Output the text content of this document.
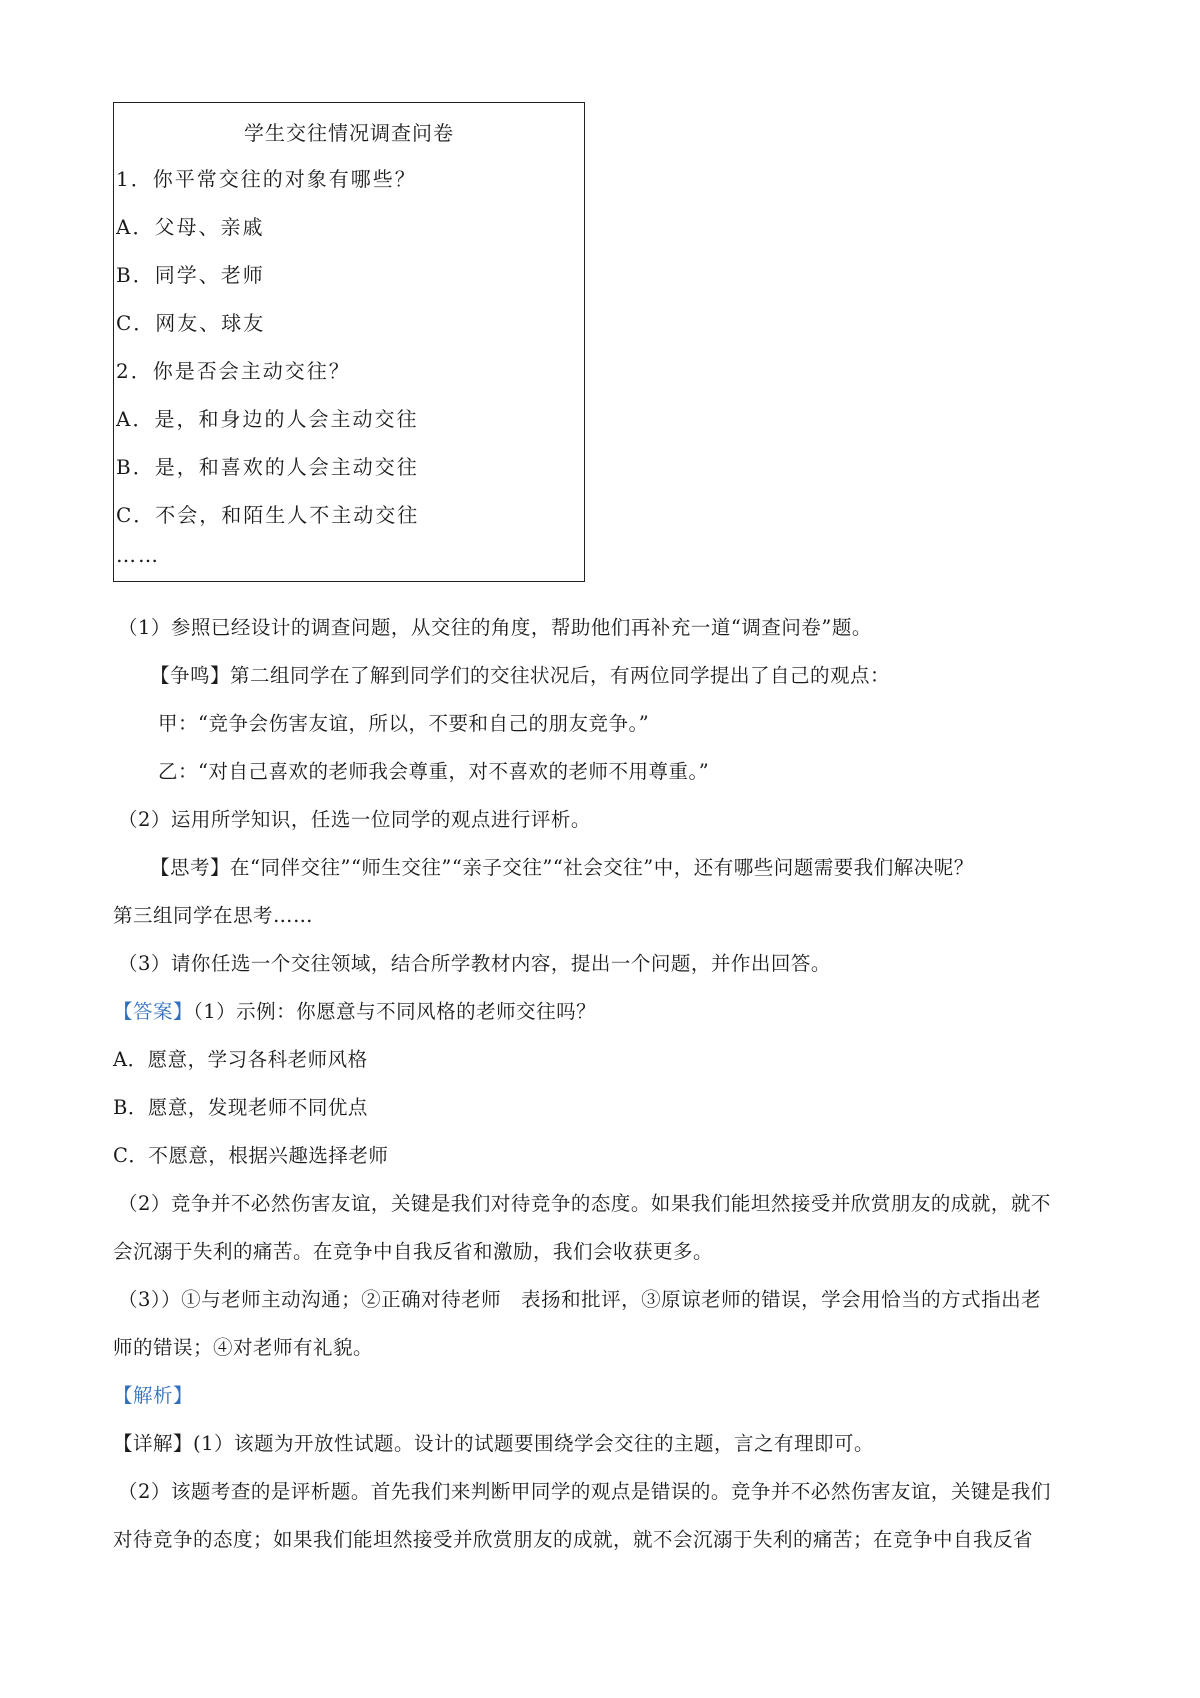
学生交往情况调查问卷
1．你平常交往的对象有哪些？
A．父母、亲戚
B．同学、老师
C．网友、球友
2．你是否会主动交往？
A．是，和身边的人会主动交往
B．是，和喜欢的人会主动交往
C．不会，和陌生人不主动交往
……
（1）参照已经设计的调查问题，从交往的角度，帮助他们再补充一道“调查问卷”题。
【争鸣】第二组同学在了解到同学们的交往状况后，有两位同学提出了自己的观点：
甲：“竞争会伤害友谊，所以，不要和自己的朋友竞争。”
乙：“对自己喜欢的老师我会尊重，对不喜欢的老师不用尊重。”
（2）运用所学知识，任选一位同学的观点进行评析。
【思考】在“同伴交往”“师生交往”“亲子交往”“社会交往”中，还有哪些问题需要我们解决呢？
第三组同学在思考……
（3）请你任选一个交往领域，结合所学教材内容，提出一个问题，并作出回答。
【答案】（1）示例：你愿意与不同风格的老师交往吗？
A．愿意，学习各科老师风格
B．愿意，发现老师不同优点
C．不愿意，根据兴趣选择老师
（2）竞争并不必然伤害友谊，关键是我们对待竞争的态度。如果我们能坦然接受并欣赏朋友的成就，就不
会沉溺于失利的痛苦。在竞争中自我反省和激励，我们会收获更多。
（3））①与老师主动沟通；②正确对待老师　表扬和批评，③原谅老师的错误，学会用恰当的方式指出老
师的错误；④对老师有礼貌。
【解析】
【详解】(1）该题为开放性试题。设计的试题要围绕学会交往的主题，言之有理即可。
（2）该题考查的是评析题。首先我们来判断甲同学的观点是错误的。竞争并不必然伤害友谊，关键是我们
对待竞争的态度；如果我们能坦然接受并欣赏朋友的成就，就不会沉溺于失利的痛苦；在竞争中自我反省
